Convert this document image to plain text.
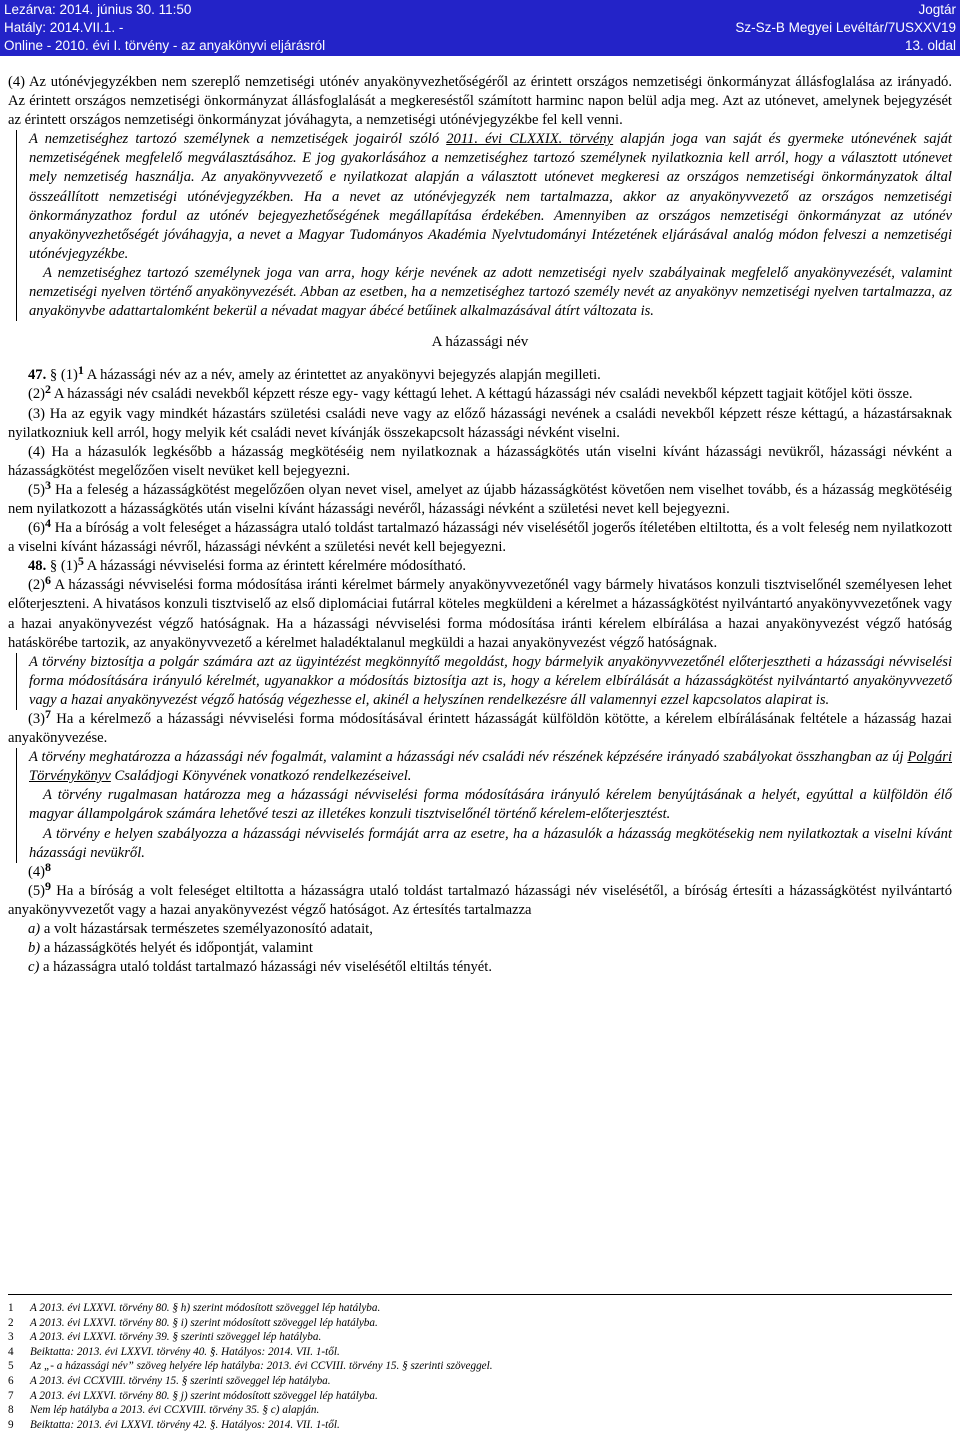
Lezárva: 2014. június 30. 11:50
Hatály: 2014.VII.1. -
Online - 2010. évi I. törvény - az anyakönyvi eljárásról
Jogtár
Sz-Sz-B Megyei Levéltár/7USXXV19
13. oldal

(4) Az utónévjegyzékben nem szereplő nemzetiségi utónév anyakönyvezhetőségéről az érintett országos nemzetiségi önkormányzat állásfoglalása az irányadó. Az érintett országos nemzetiségi önkormányzat állásfoglalását a megkereséstől számított harminc napon belül adja meg. Azt az utónevet, amelynek bejegyzését az érintett országos nemzetiségi önkormányzat jóváhagyta, a nemzetiségi utónévjegyzékbe fel kell venni.

A nemzetiséghez tartozó személynek a nemzetiségek jogairól szóló 2011. évi CLXXIX. törvény alapján joga van saját és gyermeke utónevének saját nemzetiségének megfelelő megválasztásához. E jog gyakorlásához a nemzetiséghez tartozó személynek nyilatkoznia kell arról, hogy a választott utónevet mely nemzetiség használja. Az anyakönyvvezető e nyilatkozat alapján a választott utónevet megkeresi az országos nemzetiségi önkormányzatok által összeállított nemzetiségi utónévjegyzékben. Ha a nevet az utónévjegyzék nem tartalmazza, akkor az anyakönyvvezető az országos nemzetiségi önkormányzathoz fordul az utónév bejegyezhetőségének megállapítása érdekében. Amennyiben az országos nemzetiségi önkormányzat az utónév anyakönyvezhetőségét jóváhagyja, a nevet a Magyar Tudományos Akadémia Nyelvtudományi Intézetének eljárásával analóg módon felveszi a nemzetiségi utónévjegyzékbe.

A nemzetiséghez tartozó személynek joga van arra, hogy kérje nevének az adott nemzetiségi nyelv szabályainak megfelelő anyakönyvezését, valamint nemzetiségi nyelven történő anyakönyvezését. Abban az esetben, ha a nemzetiséghez tartozó személy nevét az anyakönyv nemzetiségi nyelven tartalmazza, az anyakönyvbe adattartalomként bekerül a névadat magyar ábécé betűinek alkalmazásával átírt változata is.

A házassági név

47. § $(1)^1$ A házassági név az a név, amely az érintettet az anyakönyvi bejegyzés alapján megilleti.

$(2)^2$ A házassági név családi nevekből képzett része egy- vagy kéttagú lehet. A kéttagú házassági név családi nevekből képzett tagjait kötőjel köti össze.

(3) Ha az egyik vagy mindkét házastárs születési családi neve vagy az előző házassági nevének a családi nevekből képzett része kéttagú, a házastársaknak nyilatkozniuk kell arról, hogy melyik két családi nevet kívánják összekapcsolt házassági névként viselni.

(4) Ha a házasulók legkésőbb a házasság megkötéséig nem nyilatkoznak a házasságkötés után viselni kívánt házassági nevükről, házassági névként a házasságkötést megelőzően viselt nevüket kell bejegyezni.

$(5)^3$ Ha a feleség a házasságkötést megelőzően olyan nevet visel, amelyet az újabb házasságkötést követően nem viselhet tovább, és a házasság megkötéséig nem nyilatkozott a házasságkötés után viselni kívánt házassági nevéről, házassági névként a születési nevet kell bejegyezni.

$(6)^4$ Ha a bíróság a volt feleséget a házasságra utaló toldást tartalmazó házassági név viselésétől jogerős ítéletében eltiltotta, és a volt feleség nem nyilatkozott a viselni kívánt házassági névről, házassági névként a születési nevét kell bejegyezni.

48. § $(1)^5$ A házassági névviselési forma az érintett kérelmére módosítható.

$(2)^6$ A házassági névviselési forma módosítása iránti kérelmet bármely anyakönyvvezetőnél vagy bármely hivatásos konzuli tisztviselőnél személyesen lehet előterjeszteni. A hivatásos konzuli tisztviselő az első diplomáciai futárral köteles megküldeni a kérelmet a házasságkötést nyilvántartó anyakönyvvezetőnek vagy a hazai anyakönyvezést végző hatóságnak. Ha a házassági névviselési forma módosítása iránti kérelem elbírálása a hazai anyakönyvezést végző hatóság hatáskörébe tartozik, az anyakönyvvezető a kérelmet haladéktalanul megküldi a hazai anyakönyvezést végző hatóságnak.

A törvény biztosítja a polgár számára azt az ügyintézést megkönnyítő megoldást, hogy bármelyik anyakönyvvezetőnél előterjesztheti a házassági névviselési forma módosítására irányuló kérelmét, ugyanakkor a módosítás biztosítja azt is, hogy a kérelem elbírálását a házasságkötést nyilvántartó anyakönyvvezető vagy a hazai anyakönyvezést végző hatóság végezhesse el, akinél a helyszínen rendelkezésre áll valamennyi ezzel kapcsolatos alapirat is.

$(3)^7$ Ha a kérelmező a házassági névviselési forma módosításával érintett házasságát külföldön kötötte, a kérelem elbírálásának feltétele a házasság hazai anyakönyvezése.

A törvény meghatározza a házassági név fogalmát, valamint a házassági név családi név részének képzésére irányadó szabályokat összhangban az új Polgári Törvénykönyv Családjogi Könyvének vonatkozó rendelkezéseivel.

A törvény rugalmasan határozza meg a házassági névviselési forma módosítására irányuló kérelem benyújtásának a helyét, egyúttal a külföldön élő magyar állampolgárok számára lehetővé teszi az illetékes konzuli tisztviselőnél történő kérelem-előterjesztést.

A törvény e helyen szabályozza a házassági névviselés formáját arra az esetre, ha a házasulók a házasság megkötésekig nem nyilatkoztak a viselni kívánt házassági nevükről.

$(4)^8$

$(5)^9$ Ha a bíróság a volt feleséget eltiltotta a házasságra utaló toldást tartalmazó házassági név viselésétől, a bíróság értesíti a házasságkötést nyilvántartó anyakönyvvezetőt vagy a hazai anyakönyvezést végző hatóságot. Az értesítés tartalmazza

a) a volt házastársak természetes személyazonosító adatait,

b) a házasságkötés helyét és időpontját, valamint

c) a házasságra utaló toldást tartalmazó házassági név viselésétől eltiltás tényét.

1 A 2013. évi LXXVI. törvény 80. § h) szerint módosított szöveggel lép hatályba.
2 A 2013. évi LXXVI. törvény 80. § i) szerint módosított szöveggel lép hatályba.
3 A 2013. évi LXXVI. törvény 39. § szerinti szöveggel lép hatályba.
4 Beiktatta: 2013. évi LXXVI. törvény 40. §. Hatályos: 2014. VII. 1-től.
5 Az „- a házassági név” szöveg helyére lép hatályba: 2013. évi CCVIII. törvény 15. § szerinti szöveggel.
6 A 2013. évi CCXVIII. törvény 15. § szerinti szöveggel lép hatályba.
7 A 2013. évi LXXVI. törvény 80. § j) szerint módosított szöveggel lép hatályba.
8 Nem lép hatályba a 2013. évi CCXVIII. törvény 35. § c) alapján.
9 Beiktatta: 2013. évi LXXVI. törvény 42. §. Hatályos: 2014. VII. 1-től.
